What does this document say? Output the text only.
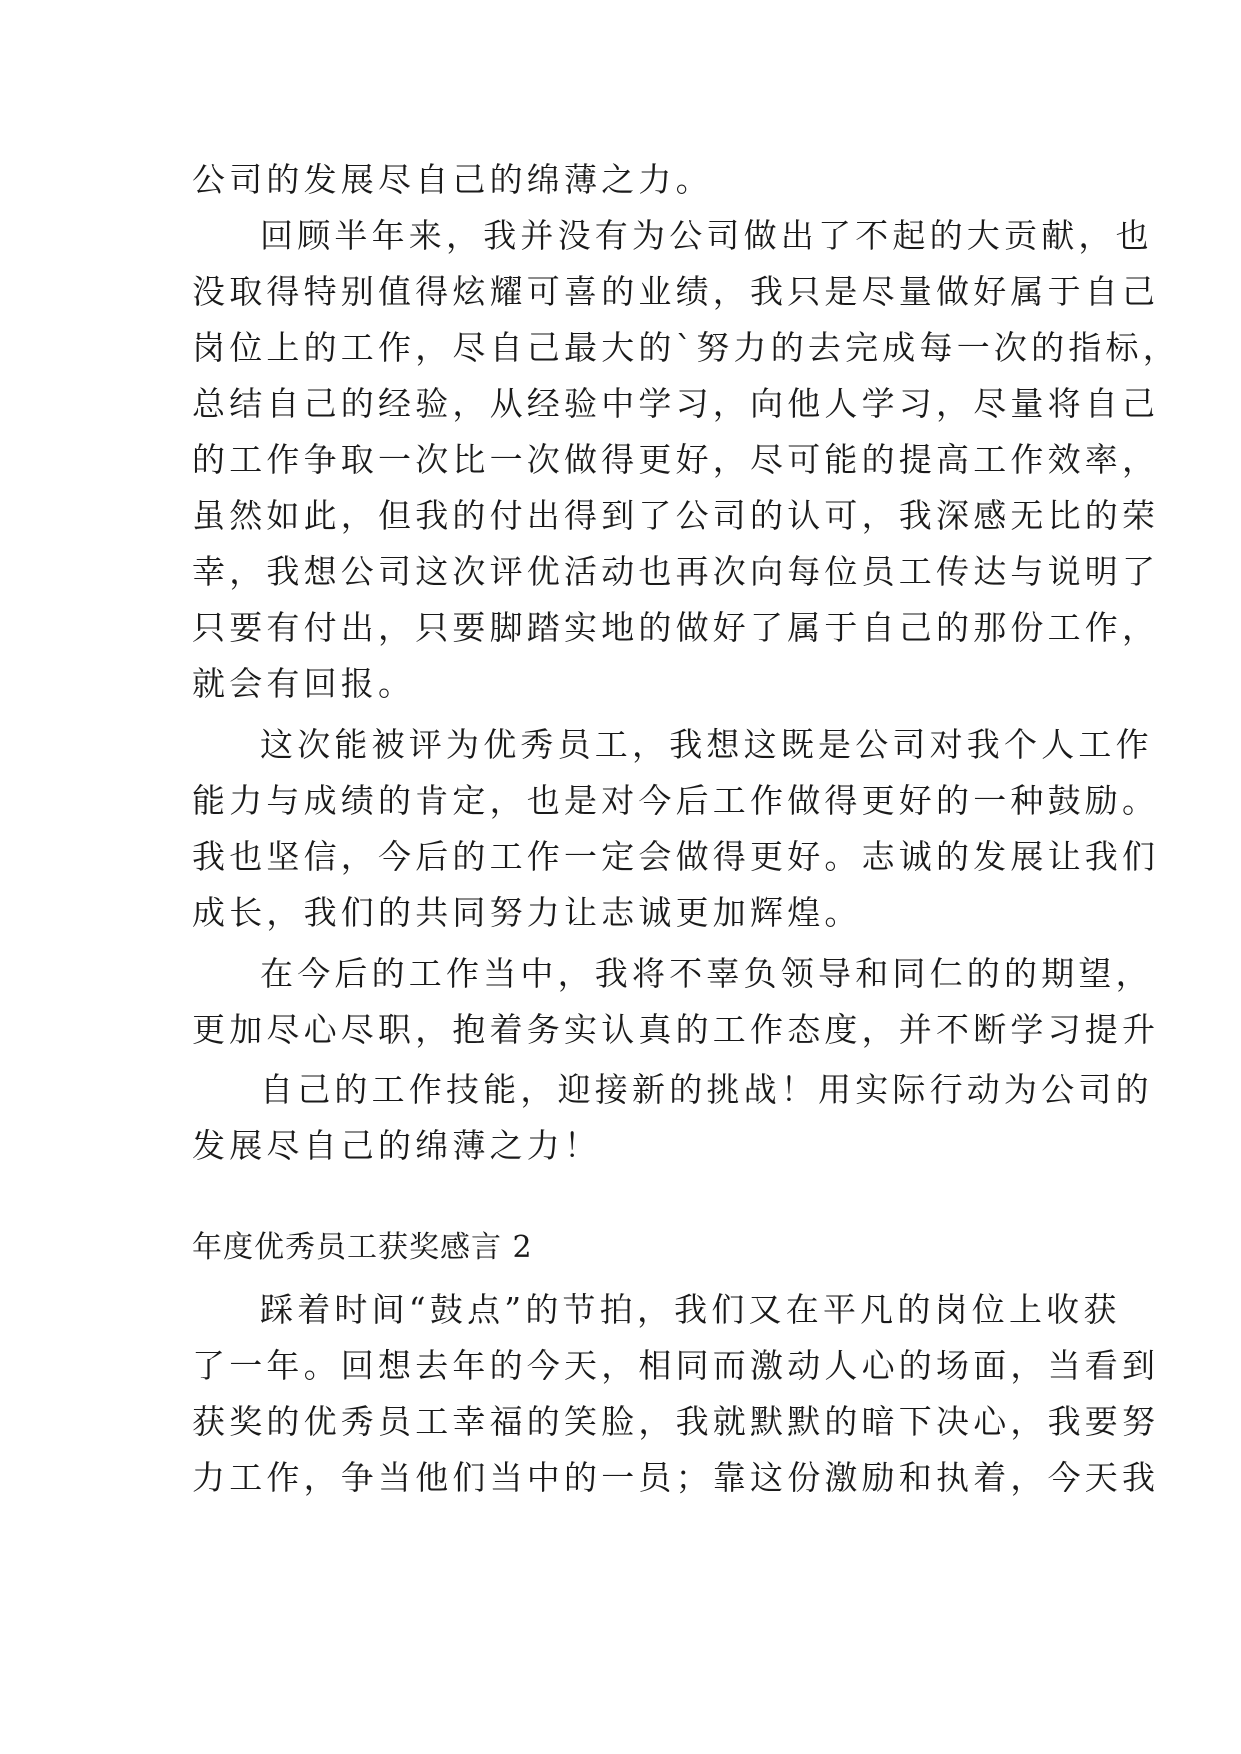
公司的发展尽自己的绵薄之力。
回顾半年来，我并没有为公司做出了不起的大贡献，也
没取得特别值得炫耀可喜的业绩，我只是尽量做好属于自己
岗位上的工作，尽自己最大的`努力的去完成每一次的指标，
总结自己的经验，从经验中学习，向他人学习，尽量将自己
的工作争取一次比一次做得更好，尽可能的提高工作效率，
虽然如此，但我的付出得到了公司的认可，我深感无比的荣
幸，我想公司这次评优活动也再次向每位员工传达与说明了
只要有付出，只要脚踏实地的做好了属于自己的那份工作，
就会有回报。
这次能被评为优秀员工，我想这既是公司对我个人工作
能力与成绩的肯定，也是对今后工作做得更好的一种鼓励。
我也坚信，今后的工作一定会做得更好。志诚的发展让我们
成长，我们的共同努力让志诚更加辉煌。
在今后的工作当中，我将不辜负领导和同仁的的期望，
更加尽心尽职，抱着务实认真的工作态度，并不断学习提升
自己的工作技能，迎接新的挑战！用实际行动为公司的
发展尽自己的绵薄之力！
年度优秀员工获奖感言 2
踩着时间“鼓点”的节拍，我们又在平凡的岗位上收获
了一年。回想去年的今天，相同而激动人心的场面，当看到
获奖的优秀员工幸福的笑脸，我就默默的暗下决心，我要努
力工作，争当他们当中的一员；靠这份激励和执着，今天我
